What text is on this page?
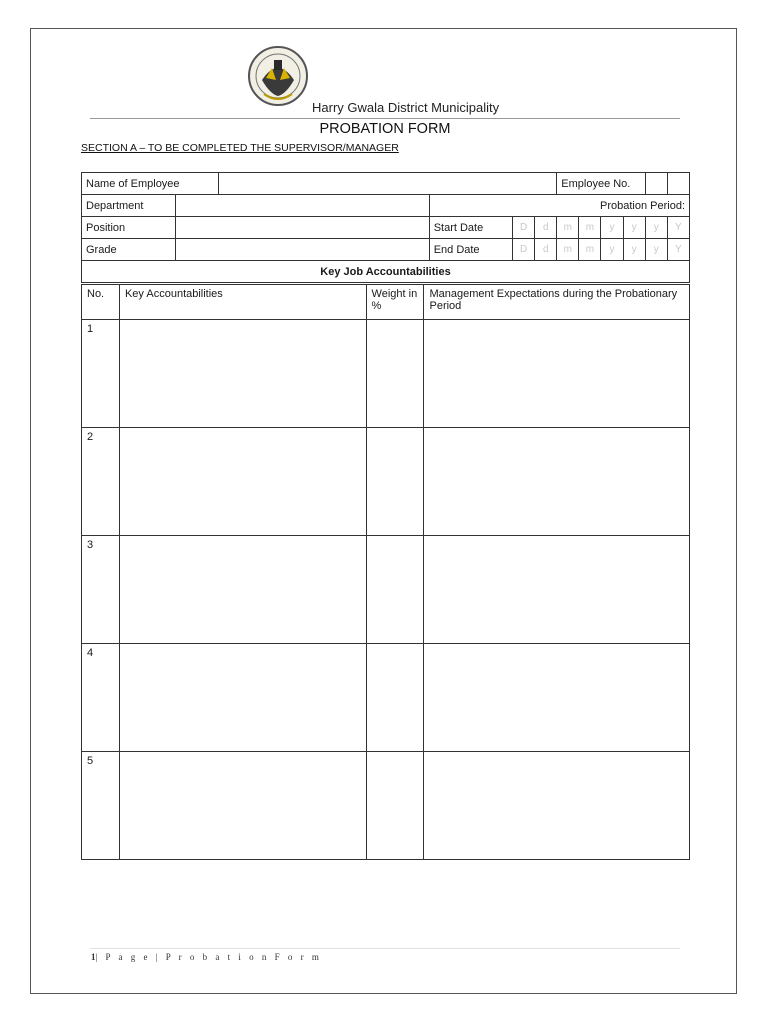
Harry Gwala District Municipality
PROBATION FORM
SECTION A – TO BE COMPLETED THE SUPERVISOR/MANAGER
Name of Employee						Employee No.					
Department			Probation Period:								
Position			Start Date	D	d	m	m	y	y	y	Y
Grade			End Date	D	d	m	m	y	y	y	Y
Key Job Accountabilities											
No.	Key Accountabilities	Weight in %	Management Expectations during the Probationary Period
1			
2			
3			
4			
5			
1| P a g e | P r o b a t i o n F o r m
